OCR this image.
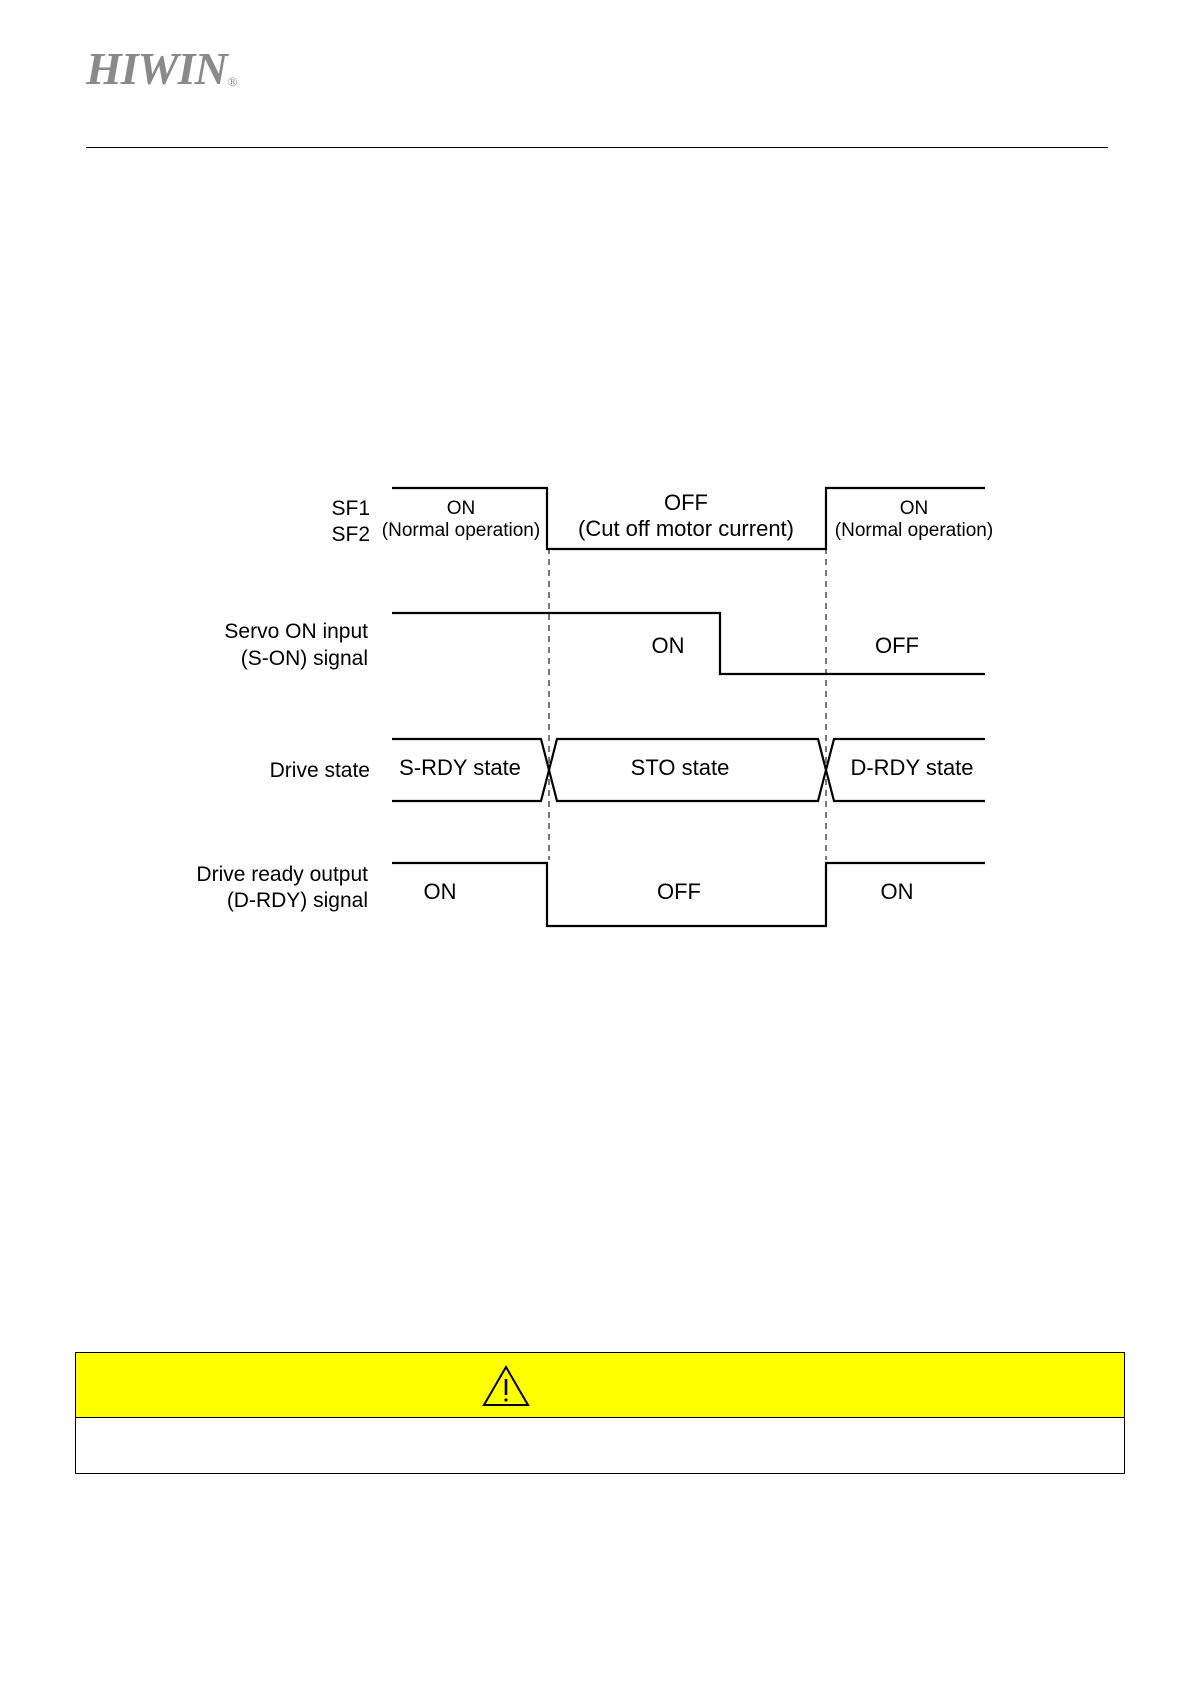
HIWIN®
SF1
SF2
ON
(Normal operation)
OFF
(Cut off motor current)
ON
(Normal operation)
Servo ON input
(S-ON) signal
ON	OFF
Drive state S-RDY state	STO state	D-RDY state
Drive ready output
(D-RDY) signal	ON	OFF	ON
